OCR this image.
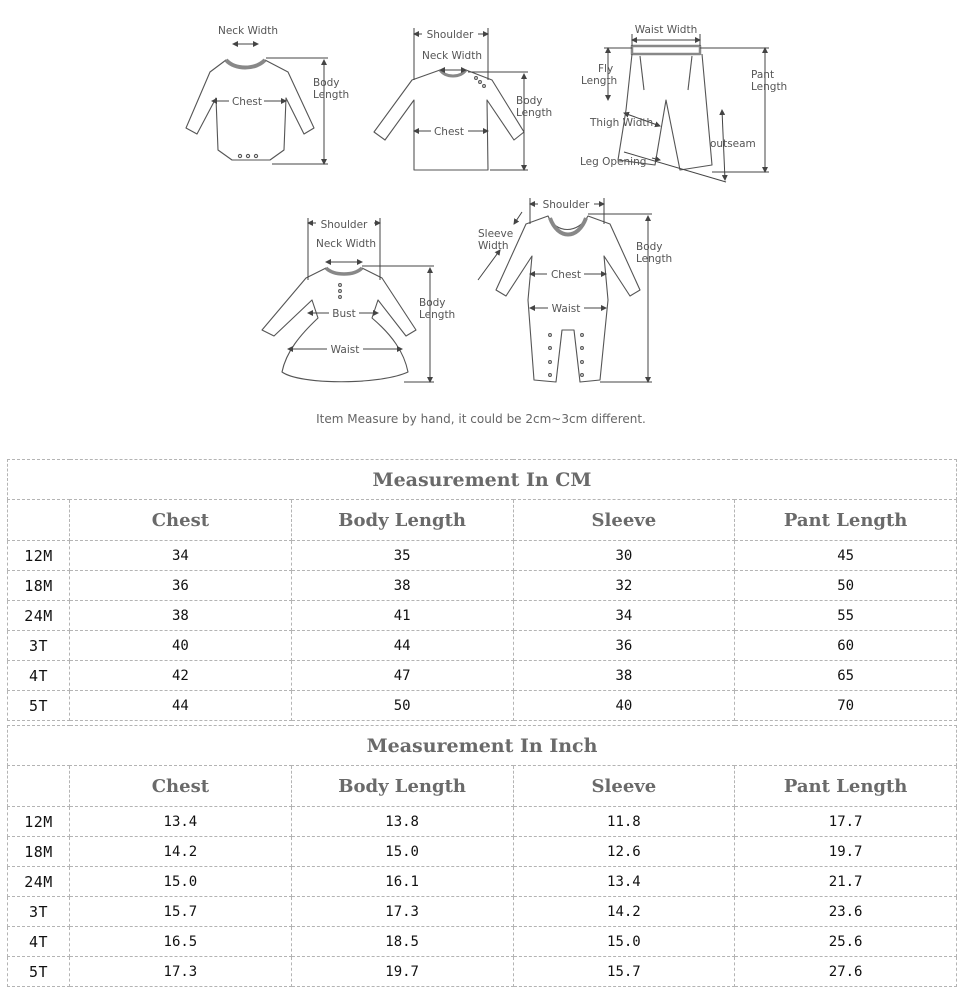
Neck Width
Chest
Body
Length
Shoulder
Neck Width
Chest
Body
Length
Waist Width
Fly
Length	Pant
Length
Thigh Width
outseam
Leg Opening
Shoulder
Neck Width
Bust
Waist
Body
Length
Shoulder
Sleeve
Width
Chest
Waist
Body
Length
Item Measure by hand, it could be 2cm~3cm different.
Measurement In CM				
	Chest	Body Length	Sleeve	Pant Length
12M	34	35	30	45
18M	36	38	32	50
24M	38	41	34	55
3T	40	44	36	60
4T	42	47	38	65
5T	44	50	40	70
Measurement In Inch				
	Chest	Body Length	Sleeve	Pant Length
12M	13.4	13.8	11.8	17.7
18M	14.2	15.0	12.6	19.7
24M	15.0	16.1	13.4	21.7
3T	15.7	17.3	14.2	23.6
4T	16.5	18.5	15.0	25.6
5T	17.3	19.7	15.7	27.6
